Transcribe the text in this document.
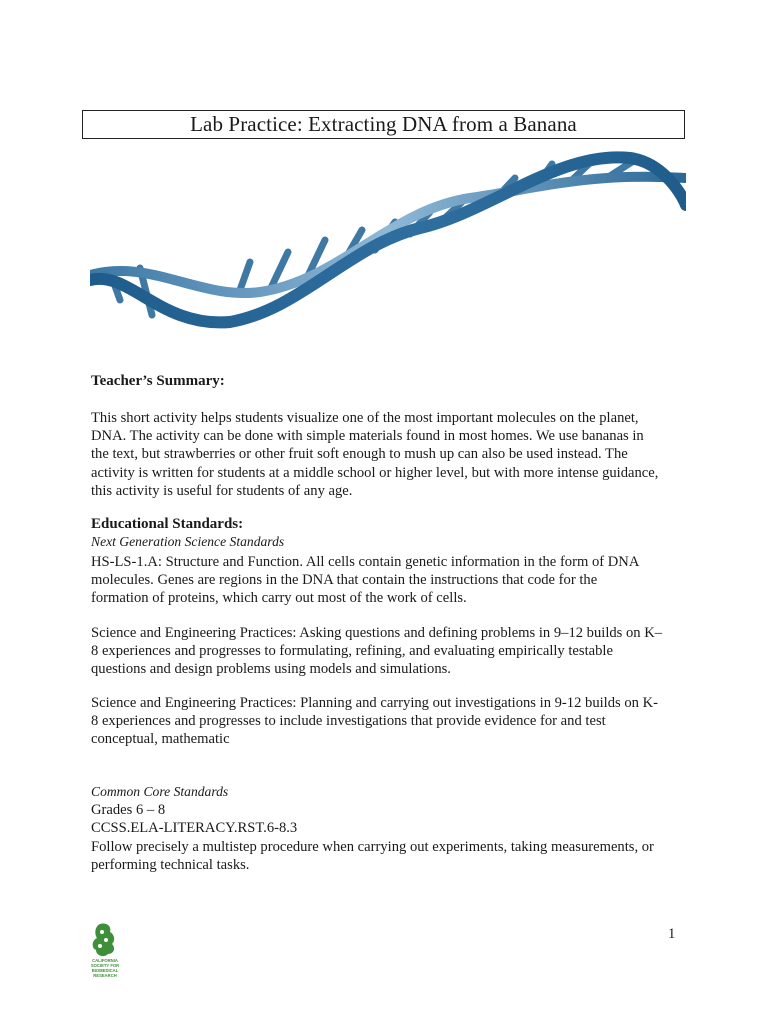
Lab Practice: Extracting DNA from a Banana
Teacher’s Summary:
This short activity helps students visualize one of the most important molecules on the planet,
DNA. The activity can be done with simple materials found in most homes. We use bananas in
the text, but strawberries or other fruit soft enough to mush up can also be used instead. The
activity is written for students at a middle school or higher level, but with more intense guidance,
this activity is useful for students of any age.
Educational Standards:
Next Generation Science Standards
HS-LS-1.A: Structure and Function. All cells contain genetic information in the form of DNA
molecules. Genes are regions in the DNA that contain the instructions that code for the
formation of proteins, which carry out most of the work of cells.
Science and Engineering Practices: Asking questions and defining problems in 9–12 builds on K–
8 experiences and progresses to formulating, refining, and evaluating empirically testable
questions and design problems using models and simulations.
Science and Engineering Practices: Planning and carrying out investigations in 9-12 builds on K-
8 experiences and progresses to include investigations that provide evidence for and test
conceptual, mathematic
Common Core Standards
Grades 6 – 8
CCSS.ELA-LITERACY.RST.6-8.3
Follow precisely a multistep procedure when carrying out experiments, taking measurements, or
performing technical tasks.
1
CALIFORNIA
SOCIETY FOR
BIOMEDICAL
RESEARCH
